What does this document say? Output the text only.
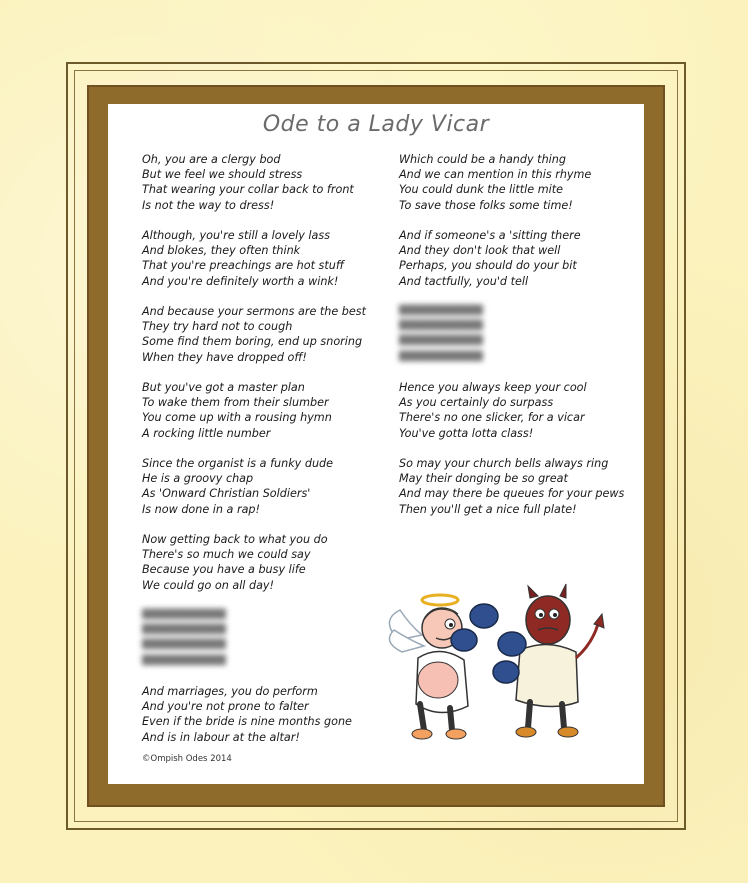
Ode to a Lady Vicar
Oh, you are a clergy bod
But we feel we should stress
That wearing your collar back to front
Is not the way to dress!
Although, you're still a lovely lass
And blokes, they often think
That you're preachings are hot stuff
And you're definitely worth a wink!
And because your sermons are the best
They try hard not to cough
Some find them boring, end up snoring
When they have dropped off!
But you've got a master plan
To wake them from their slumber
You come up with a rousing hymn
A rocking little number
Since the organist is a funky dude
He is a groovy chap
As 'Onward Christian Soldiers'
Is now done in a rap!
Now getting back to what you do
There's so much we could say
Because you have a busy life
We could go on all day!
██████████████
██████████████
██████████████
██████████████
And marriages, you do perform
And you're not prone to falter
Even if the bride is nine months gone
And is in labour at the altar!
Which could be a handy thing
And we can mention in this rhyme
You could dunk the little mite
To save those folks some time!
And if someone's a 'sitting there
And they don't look that well
Perhaps, you should do your bit
And tactfully, you'd tell
██████████████
██████████████
██████████████
██████████████
Hence you always keep your cool
As you certainly do surpass
There's no one slicker, for a vicar
You've gotta lotta class!
So may your church bells always ring
May their donging be so great
And may there be queues for your pews
Then you'll get a nice full plate!
©Ompish Odes 2014
